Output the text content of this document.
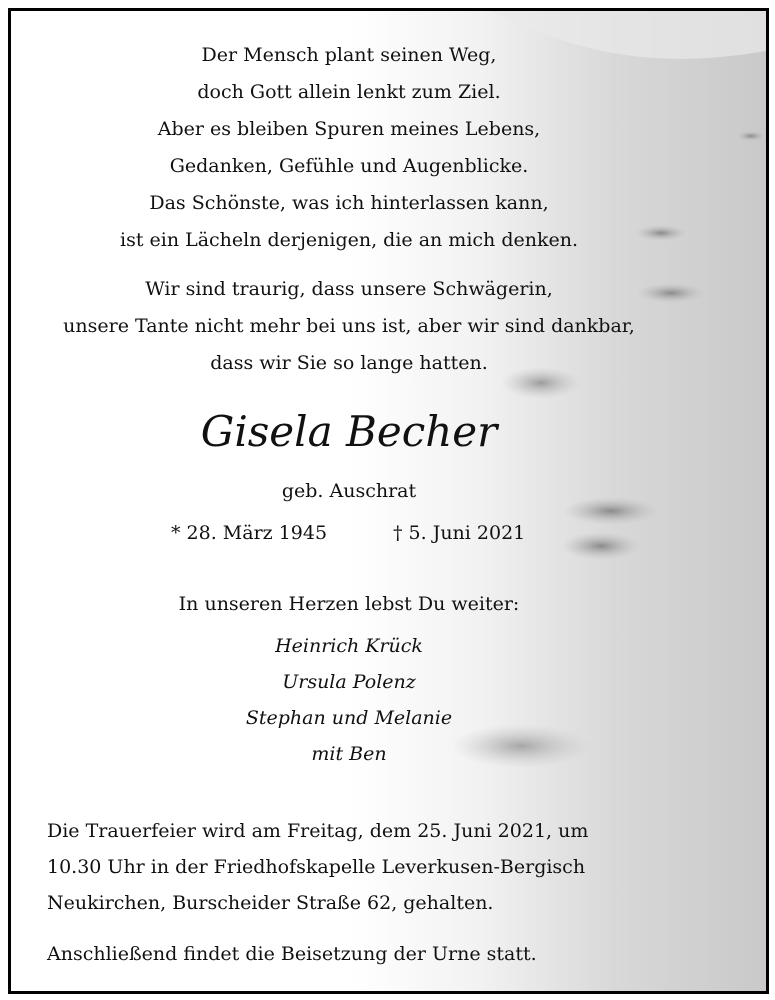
Der Mensch plant seinen Weg,
doch Gott allein lenkt zum Ziel.
Aber es bleiben Spuren meines Lebens,
Gedanken, Gefühle und Augenblicke.
Das Schönste, was ich hinterlassen kann,
ist ein Lächeln derjenigen, die an mich denken.
Wir sind traurig, dass unsere Schwägerin,
unsere Tante nicht mehr bei uns ist, aber wir sind dankbar,
dass wir Sie so lange hatten.
Gisela Becher
geb. Auschrat
* 28. März 1945	† 5. Juni 2021
In unseren Herzen lebst Du weiter:
Heinrich Krück
Ursula Polenz
Stephan und Melanie
mit Ben
Die Trauerfeier wird am Freitag, dem 25. Juni 2021, um
10.30 Uhr in der Friedhofskapelle Leverkusen-Bergisch
Neukirchen, Burscheider Straße 62, gehalten.
Anschließend findet die Beisetzung der Urne statt.
